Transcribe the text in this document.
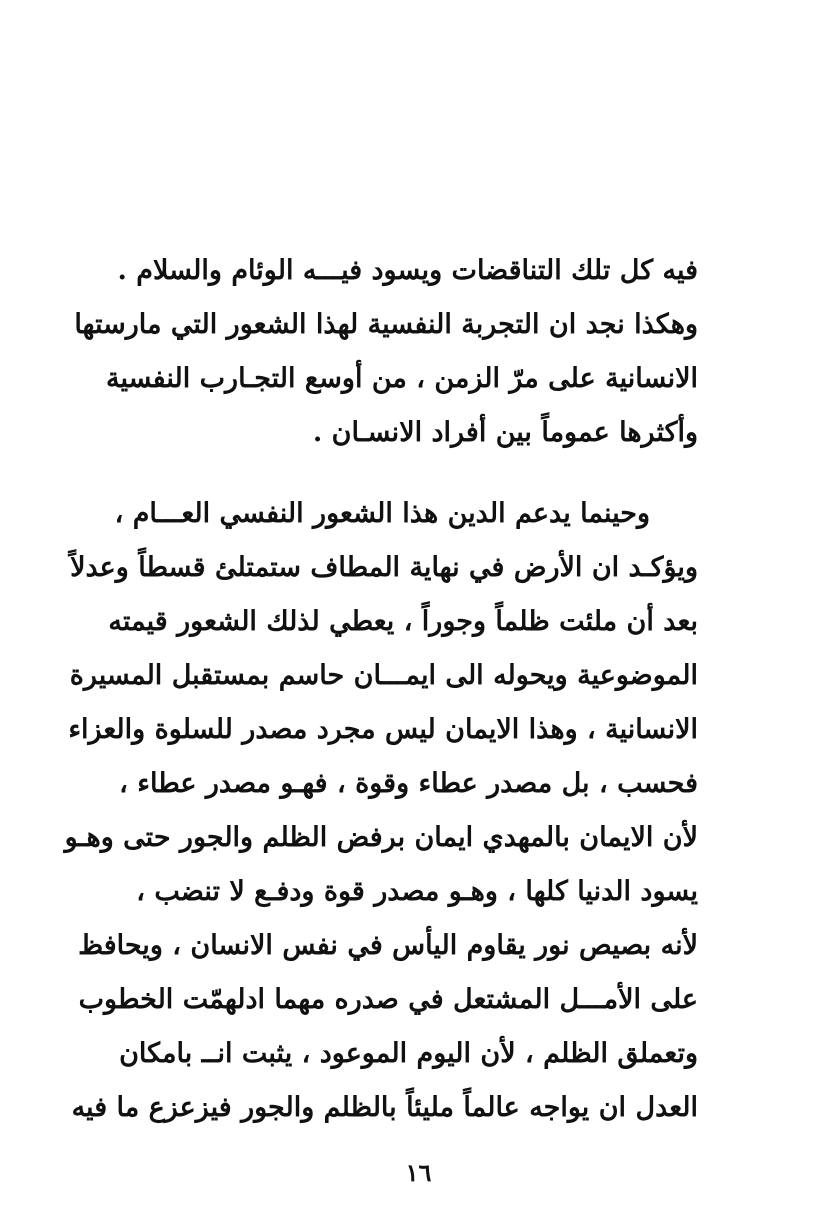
فيه كل تلك التناقضات ويسود فيـــه الوئام والسلام .
وهكذا نجد ان التجربة النفسية لهذا الشعور التي مارستها
الانسانية على مرّ الزمن ، من أوسع التجـارب النفسية
وأكثرها عموماً بين أفراد الانسـان .
وحينما يدعم الدين هذا الشعور النفسي العـــام ،
ويؤكـد ان الأرض في نهاية المطاف ستمتلئ قسطاً وعدلاً
بعد أن ملئت ظلماً وجوراً ، يعطي لذلك الشعور قيمته
الموضوعية ويحوله الى ايمـــان حاسم بمستقبل المسيرة
الانسانية ، وهذا الايمان ليس مجرد مصدر للسلوة والعزاء
فحسب ، بل مصدر عطاء وقوة ، فهـو مصدر عطاء ،
لأن الايمان بالمهدي ايمان برفض الظلم والجور حتى وهـو
يسود الدنيا كلها ، وهـو مصدر قوة ودفـع لا تنضب ،
لأنه بصيص نور يقاوم اليأس في نفس الانسان ، ويحافظ
على الأمـــل المشتعل في صدره مهما ادلهمّت الخطوب
وتعملق الظلم ، لأن اليوم الموعود ، يثبت انــ بامكان
العدل ان يواجه عالماً مليئاً بالظلم والجور فيزعزع ما فيه
١٦
